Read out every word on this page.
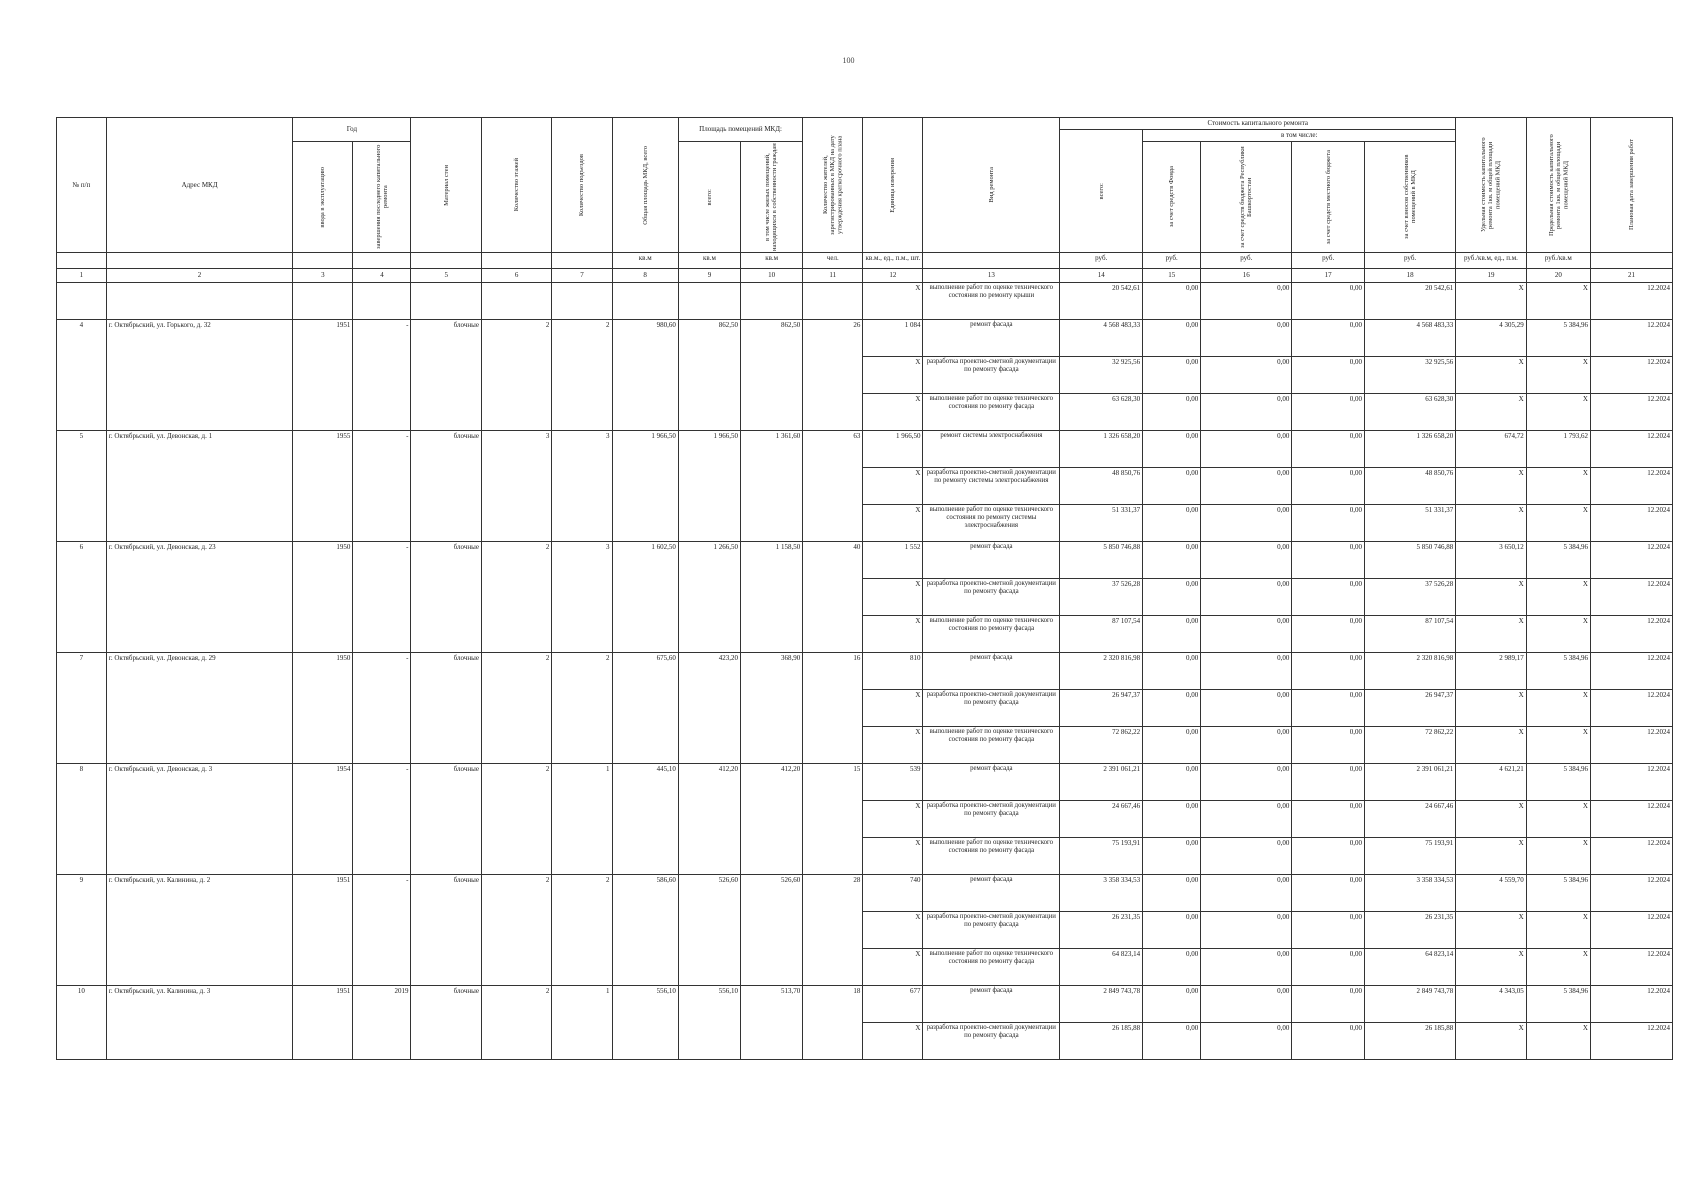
100
№ п/п	Адрес МКД	Год		Материал стен	Количество этажей	Количество подъездов	Общая площадь МКД, всего	Площадь помещений МКД:		Количество жителей, зарегистрированных в МКД на дату утверждения краткосрочного плана	Единица измерения	Вид ремонта	Стоимость капитального ремонта					Удельная стоимость капитального ремонта 1кв. м общей площади помещений МКД	Предельная стоимость капитального ремонта 1кв. м общей площади помещений МКД	Плановая дата завершения работ

													всего:	в том числе:						

		ввода в эксплуатацию	завершения последнего капитального ремонта					всего:	в том числе жилых помещений, находящихся в собственности граждан					за счет средств Фонда	за счет средств бюджета Республики Башкортостан	за счет средств местного бюджета	за счет взносов собственников помещений в МКД			

							кв.м	кв.м	кв.м	чел.	кв.м., ед., п.м., шт.		руб.	руб.	руб.	руб.	руб.	руб./кв.м, ед., п.м.	руб./кв.м	
1	2	3	4	5	6	7	8	9	10	11	12	13	14	15	16	17	18	19	20	21
											X	выполнение работ по оценке технического состояния по ремонту крыши	20 542,61	0,00	0,00	0,00	20 542,61	X	X	12.2024
4	г. Октябрьский, ул. Горького, д. 32	1951	-	блочные	2	2	980,60	862,50	862,50	26	1 084	ремонт фасада	4 568 483,33	0,00	0,00	0,00	4 568 483,33	4 305,29	5 384,96	12.2024
											X	разработка проектно-сметной документации по ремонту фасада	32 925,56	0,00	0,00	0,00	32 925,56	X	X	12.2024
											X	выполнение работ по оценке технического состояния по ремонту фасада	63 628,30	0,00	0,00	0,00	63 628,30	X	X	12.2024
5	г. Октябрьский, ул. Девонская, д. 1	1955	-	блочные	3	3	1 966,50	1 966,50	1 361,60	63	1 966,50	ремонт системы электроснабжения	1 326 658,20	0,00	0,00	0,00	1 326 658,20	674,72	1 793,62	12.2024
											X	разработка проектно-сметной документации по ремонту системы электроснабжения	48 850,76	0,00	0,00	0,00	48 850,76	X	X	12.2024
											X	выполнение работ по оценке технического состояния по ремонту системы электроснабжения	51 331,37	0,00	0,00	0,00	51 331,37	X	X	12.2024
6	г. Октябрьский, ул. Девонская, д. 23	1950	-	блочные	2	3	1 602,50	1 266,50	1 158,50	40	1 552	ремонт фасада	5 850 746,88	0,00	0,00	0,00	5 850 746,88	3 650,12	5 384,96	12.2024
											X	разработка проектно-сметной документации по ремонту фасада	37 526,28	0,00	0,00	0,00	37 526,28	X	X	12.2024
											X	выполнение работ по оценке технического состояния по ремонту фасада	87 107,54	0,00	0,00	0,00	87 107,54	X	X	12.2024
7	г. Октябрьский, ул. Девонская, д. 29	1950	-	блочные	2	2	675,60	423,20	368,90	16	810	ремонт фасада	2 320 816,98	0,00	0,00	0,00	2 320 816,98	2 989,17	5 384,96	12.2024
											X	разработка проектно-сметной документации по ремонту фасада	26 947,37	0,00	0,00	0,00	26 947,37	X	X	12.2024
											X	выполнение работ по оценке технического состояния по ремонту фасада	72 862,22	0,00	0,00	0,00	72 862,22	X	X	12.2024
8	г. Октябрьский, ул. Девонская, д. 3	1954	-	блочные	2	1	445,10	412,20	412,20	15	539	ремонт фасада	2 391 061,21	0,00	0,00	0,00	2 391 061,21	4 621,21	5 384,96	12.2024
											X	разработка проектно-сметной документации по ремонту фасада	24 667,46	0,00	0,00	0,00	24 667,46	X	X	12.2024
											X	выполнение работ по оценке технического состояния по ремонту фасада	75 193,91	0,00	0,00	0,00	75 193,91	X	X	12.2024
9	г. Октябрьский, ул. Калинина, д. 2	1951	-	блочные	2	2	586,60	526,60	526,60	28	740	ремонт фасада	3 358 334,53	0,00	0,00	0,00	3 358 334,53	4 559,70	5 384,96	12.2024
											X	разработка проектно-сметной документации по ремонту фасада	26 231,35	0,00	0,00	0,00	26 231,35	X	X	12.2024
											X	выполнение работ по оценке технического состояния по ремонту фасада	64 823,14	0,00	0,00	0,00	64 823,14	X	X	12.2024
10	г. Октябрьский, ул. Калинина, д. 3	1951	2019	блочные	2	1	556,10	556,10	513,70	18	677	ремонт фасада	2 849 743,78	0,00	0,00	0,00	2 849 743,78	4 343,05	5 384,96	12.2024
											X	разработка проектно-сметной документации по ремонту фасада	26 185,88	0,00	0,00	0,00	26 185,88	X	X	12.2024
